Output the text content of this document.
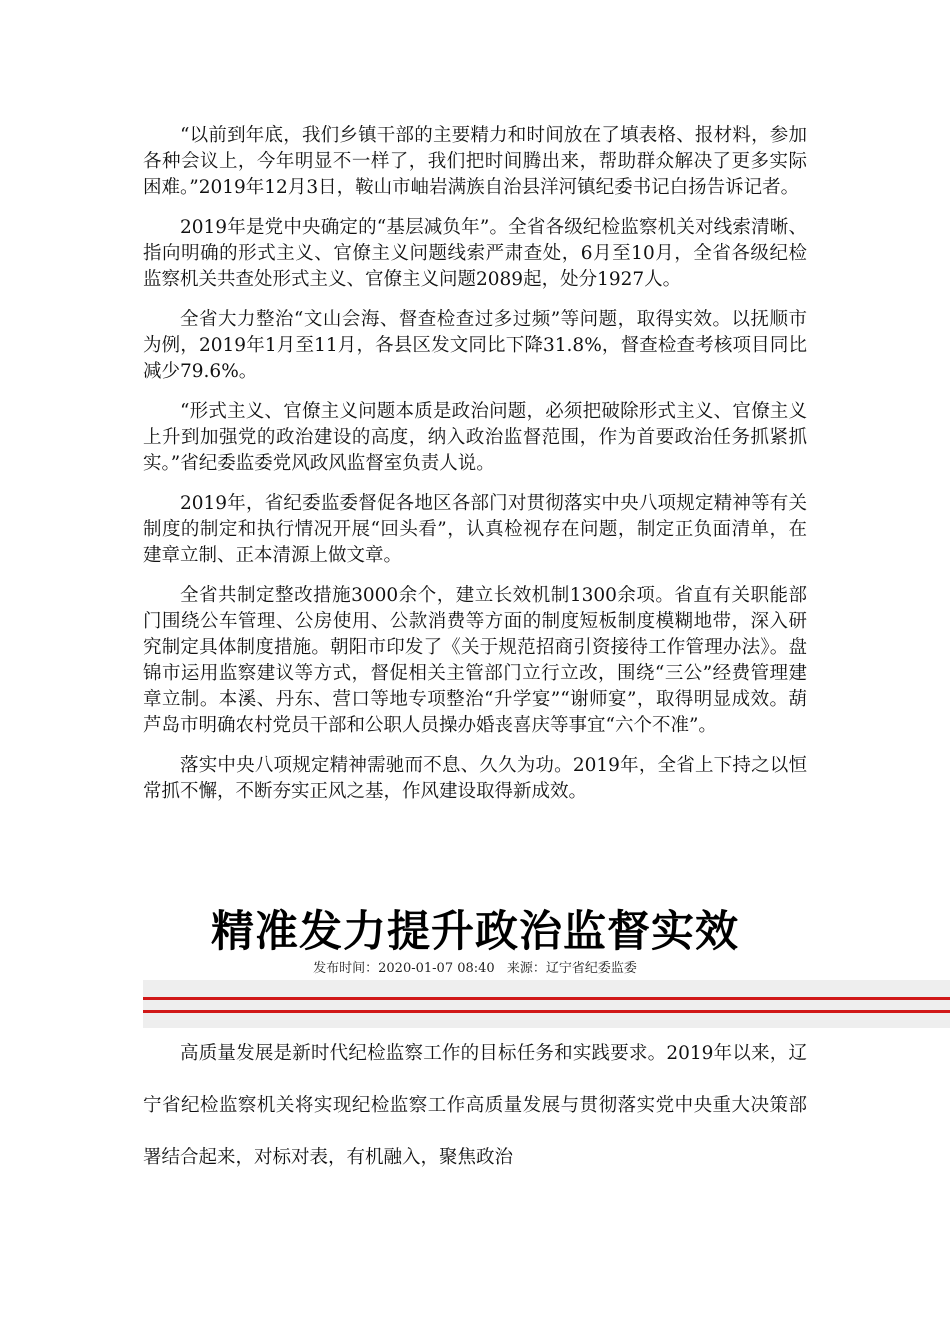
“以前到年底，我们乡镇干部的主要精力和时间放在了填表格、报材料，参加各种会议上，今年明显不一样了，我们把时间腾出来，帮助群众解决了更多实际困难。”2019年12月3日，鞍山市岫岩满族自治县洋河镇纪委书记白扬告诉记者。

2019年是党中央确定的“基层减负年”。全省各级纪检监察机关对线索清晰、指向明确的形式主义、官僚主义问题线索严肃查处，6月至10月，全省各级纪检监察机关共查处形式主义、官僚主义问题2089起，处分1927人。

全省大力整治“文山会海、督查检查过多过频”等问题，取得实效。以抚顺市为例，2019年1月至11月，各县区发文同比下降31.8%，督查检查考核项目同比减少79.6%。

“形式主义、官僚主义问题本质是政治问题，必须把破除形式主义、官僚主义上升到加强党的政治建设的高度，纳入政治监督范围，作为首要政治任务抓紧抓实。”省纪委监委党风政风监督室负责人说。

2019年，省纪委监委督促各地区各部门对贯彻落实中央八项规定精神等有关制度的制定和执行情况开展“回头看”，认真检视存在问题，制定正负面清单，在建章立制、正本清源上做文章。

全省共制定整改措施3000余个，建立长效机制1300余项。省直有关职能部门围绕公车管理、公房使用、公款消费等方面的制度短板制度模糊地带，深入研究制定具体制度措施。朝阳市印发了《关于规范招商引资接待工作管理办法》。盘锦市运用监察建议等方式，督促相关主管部门立行立改，围绕“三公”经费管理建章立制。本溪、丹东、营口等地专项整治“升学宴”“谢师宴”，取得明显成效。葫芦岛市明确农村党员干部和公职人员操办婚丧喜庆等事宜“六个不准”。

落实中央八项规定精神需驰而不息、久久为功。2019年，全省上下持之以恒常抓不懈，不断夯实正风之基，作风建设取得新成效。

精准发力提升政治监督实效
发布时间：2020-01-07 08:40 来源：辽宁省纪委监委

高质量发展是新时代纪检监察工作的目标任务和实践要求。2019年以来，辽宁省纪检监察机关将实现纪检监察工作高质量发展与贯彻落实党中央重大决策部署结合起来，对标对表，有机融入，聚焦政治
